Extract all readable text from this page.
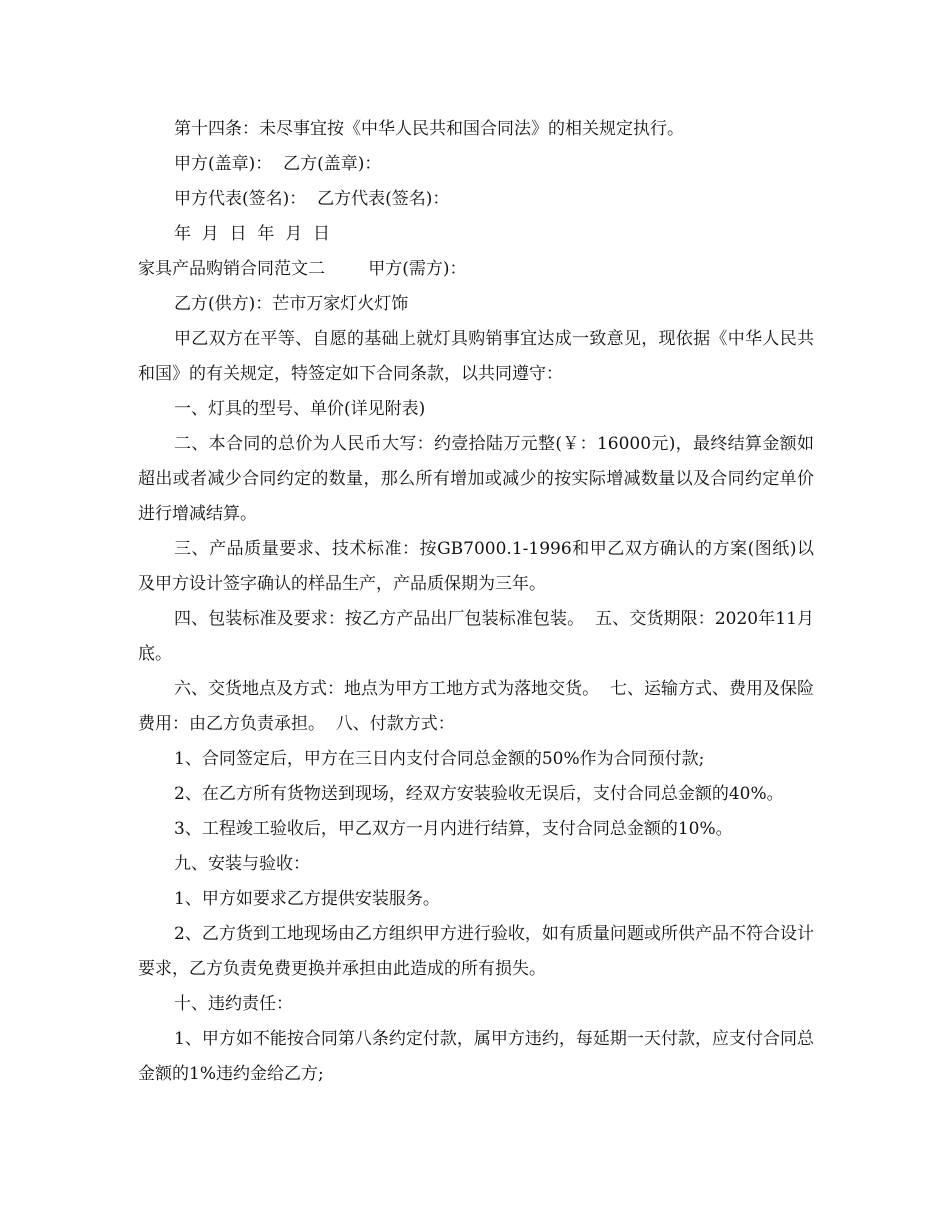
第十四条：未尽事宜按《中华人民共和国合同法》的相关规定执行。
甲方(盖章)：  乙方(盖章)：
甲方代表(签名)：  乙方代表(签名)：
年  月  日  年  月  日
家具产品购销合同范文二        甲方(需方)：
乙方(供方)：芒市万家灯火灯饰
甲乙双方在平等、自愿的基础上就灯具购销事宜达成一致意见，现依据《中华人民共和国》的有关规定，特签定如下合同条款，以共同遵守：
一、灯具的型号、单价(详见附表)
二、本合同的总价为人民币大写：约壹拾陆万元整(￥：16000元)，最终结算金额如超出或者减少合同约定的数量，那么所有增加或减少的按实际增减数量以及合同约定单价进行增减结算。
三、产品质量要求、技术标准：按GB7000.1-1996和甲乙双方确认的方案(图纸)以及甲方设计签字确认的样品生产，产品质保期为三年。
四、包装标准及要求：按乙方产品出厂包装标准包装。  五、交货期限：2020年11月底。
六、交货地点及方式：地点为甲方工地方式为落地交货。  七、运输方式、费用及保险费用：由乙方负责承担。  八、付款方式：
1、合同签定后，甲方在三日内支付合同总金额的50%作为合同预付款;
2、在乙方所有货物送到现场，经双方安装验收无误后，支付合同总金额的40%。
3、工程竣工验收后，甲乙双方一月内进行结算，支付合同总金额的10%。
九、安装与验收：
1、甲方如要求乙方提供安装服务。
2、乙方货到工地现场由乙方组织甲方进行验收，如有质量问题或所供产品不符合设计要求，乙方负责免费更换并承担由此造成的所有损失。
十、违约责任：
1、甲方如不能按合同第八条约定付款，属甲方违约，每延期一天付款，应支付合同总金额的1%违约金给乙方;
